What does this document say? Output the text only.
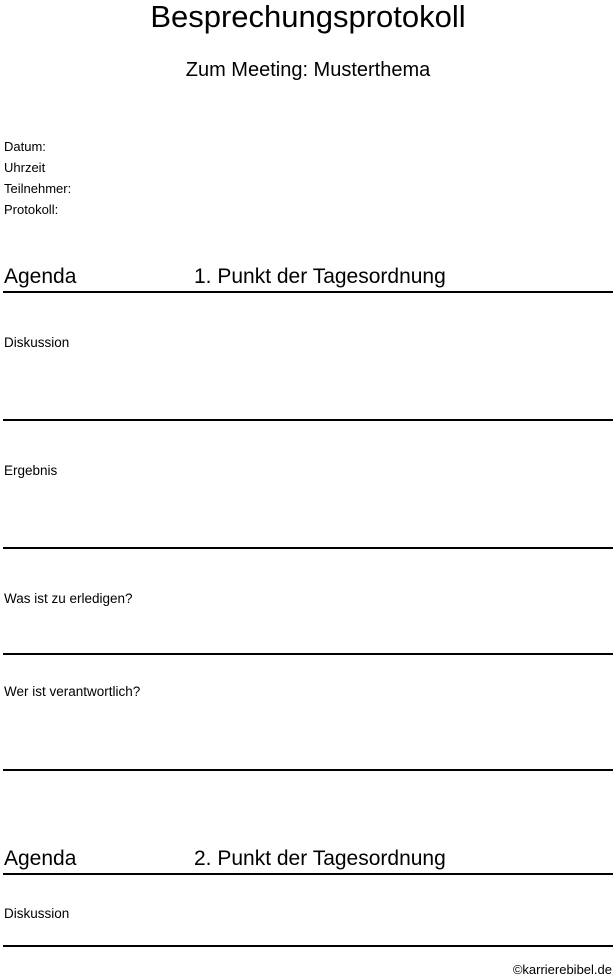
Besprechungsprotokoll
Zum Meeting: Musterthema
Datum:
Uhrzeit
Teilnehmer:
Protokoll:
Agenda	1. Punkt der Tagesordnung
Diskussion
Ergebnis
Was ist zu erledigen?
Wer ist verantwortlich?
Agenda	2. Punkt der Tagesordnung
Diskussion
©karrierebibel.de
